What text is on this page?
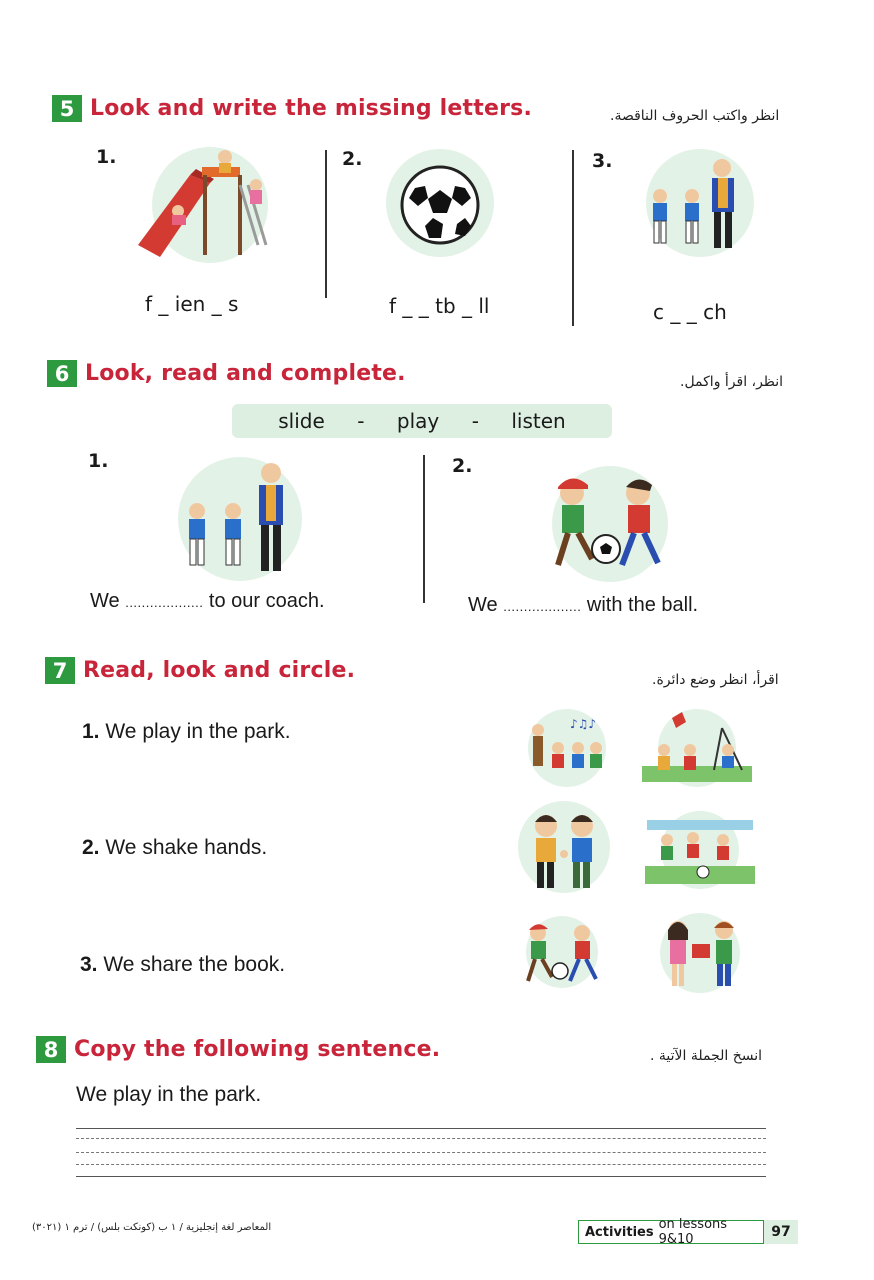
5 Look and write the missing letters.	انظر واكتب الحروف الناقصة.
1.	2.	3.
f _ ien _ s	f _ _ tb _ ll	c _ _ ch
6 Look, read and complete.	انظر، اقرأ واكمل.
slide - play - listen
1.	2.
We ................... to our coach.	We ................... with the ball.
7 Read, look and circle.	اقرأ، انظر وضع دائرة.
1. We play in the park.
2. We shake hands.
3. We share the book.
♪♫♪
8 Copy the following sentence.	انسخ الجملة الآتية .
We play in the park.
المعاصر لغة إنجليزية / ١ ب (كونكت بلس) / ترم ١ (٣٠٢١)	Activities on lessons 9&10	97
